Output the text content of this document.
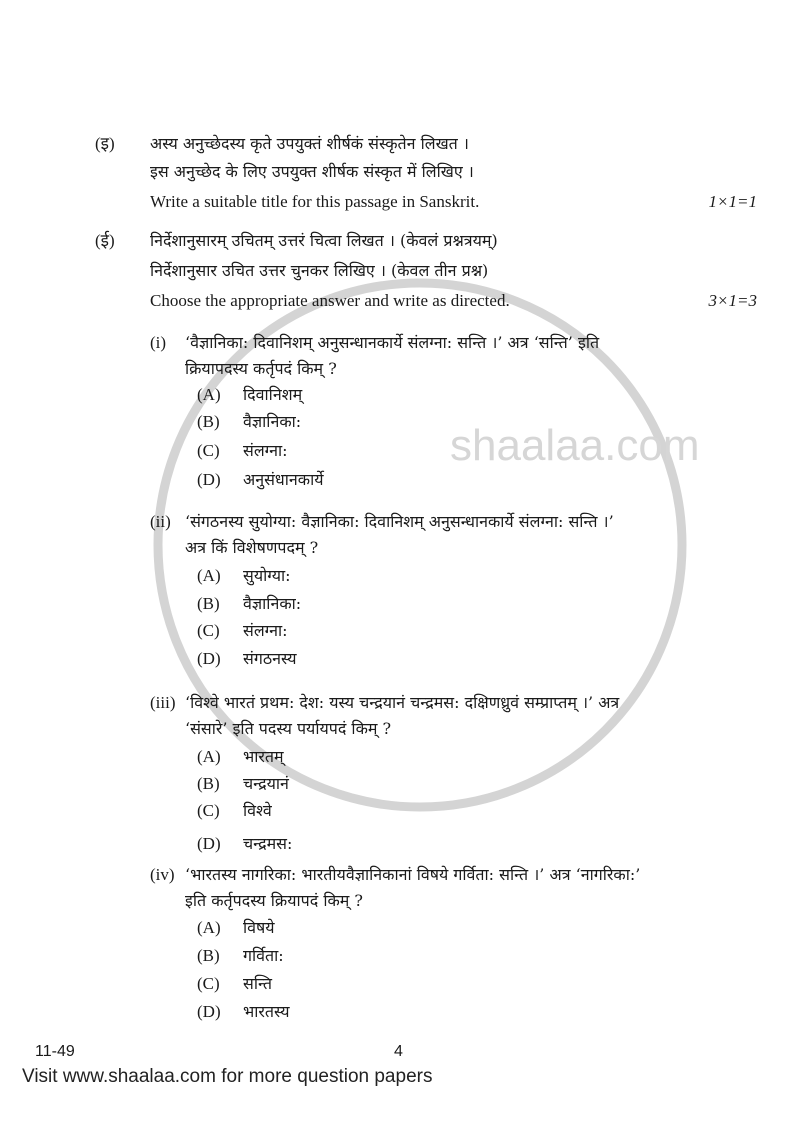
shaalaa.com
(इ) अस्य अनुच्छेदस्य कृते उपयुक्तं शीर्षकं संस्कृतेन लिखत ।
इस अनुच्छेद के लिए उपयुक्त शीर्षक संस्कृत में लिखिए ।
Write a suitable title for this passage in Sanskrit.	1×1=1
(ई) निर्देशानुसारम् उचितम् उत्तरं चित्वा लिखत । (केवलं प्रश्नत्रयम्)
निर्देशानुसार उचित उत्तर चुनकर लिखिए । (केवल तीन प्रश्न)
Choose the appropriate answer and write as directed.	3×1=3
(i) ‘वैज्ञानिका: दिवानिशम् अनुसन्धानकार्ये संलग्ना: सन्ति ।’ अत्र ‘सन्ति’ इति
क्रियापदस्य कर्तृपदं किम् ?
(A) दिवानिशम्
(B) वैज्ञानिका:
(C) संलग्ना:
(D) अनुसंधानकार्ये
(ii) ‘संगठनस्य सुयोग्या: वैज्ञानिका: दिवानिशम् अनुसन्धानकार्ये संलग्ना: सन्ति ।’
अत्र किं विशेषणपदम् ?
(A) सुयोग्या:
(B) वैज्ञानिका:
(C) संलग्ना:
(D) संगठनस्य
(iii) ‘विश्वे भारतं प्रथम: देश: यस्य चन्द्रयानं चन्द्रमस: दक्षिणध्रुवं सम्प्राप्तम् ।’ अत्र
‘संसारे’ इति पदस्य पर्यायपदं किम् ?
(A) भारतम्
(B) चन्द्रयानं
(C) विश्वे
(D) चन्द्रमस:
(iv) ‘भारतस्य नागरिका: भारतीयवैज्ञानिकानां विषये गर्विता: सन्ति ।’ अत्र ‘नागरिका:’
इति कर्तृपदस्य क्रियापदं किम् ?
(A) विषये
(B) गर्विता:
(C) सन्ति
(D) भारतस्य
11-49	4
Visit www.shaalaa.com for more question papers
